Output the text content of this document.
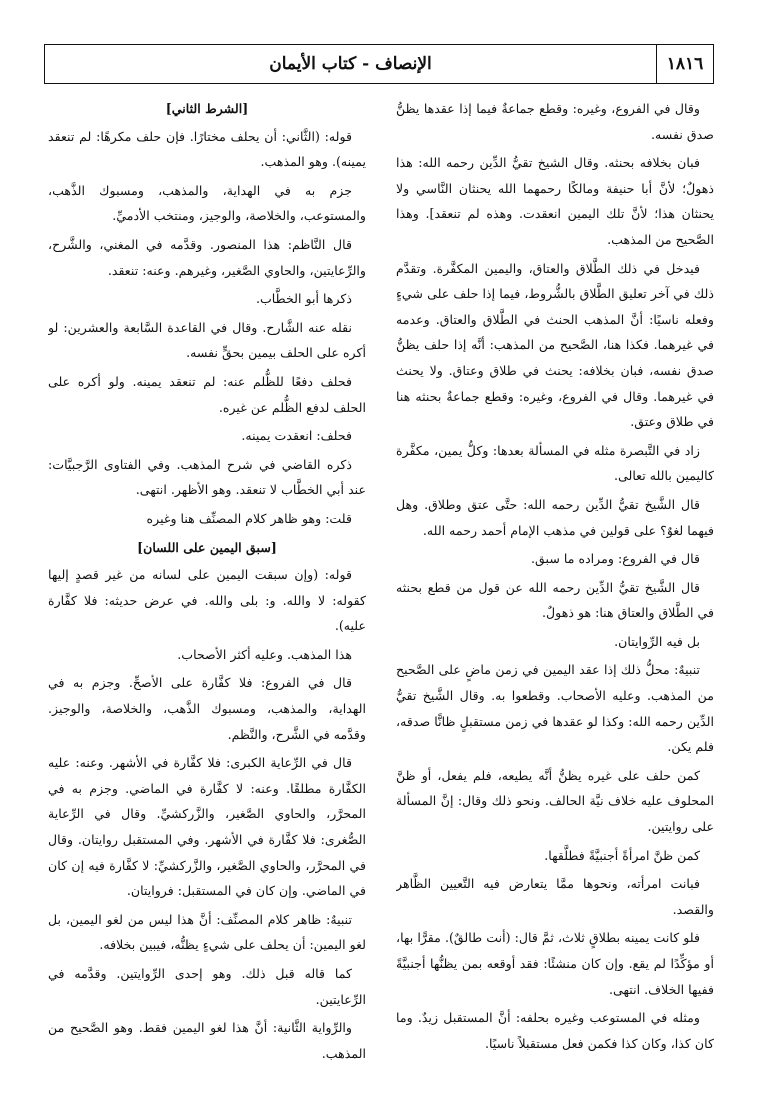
١٨١٦
الإنصاف - كتاب الأيمان

وقال في الفروع، وغيره: وقطع جماعةٌ فيما إذا عقدها يظنُّ صدق نفسه.

فبان بخلافه بحنثه. وقال الشيخ تقيُّ الدِّين رحمه الله: هذا ذهولٌ؛ لأنَّ أبا حنيفة ومالكًا رحمهما الله يحنثان النَّاسي ولا يحنثان هذا؛ لأنَّ تلك اليمين انعقدت. وهذه لم تنعقد]. وهذا الصَّحيح من المذهب.

فيدخل في ذلك الطَّلاق والعتاق، واليمين المكفَّرة. وتقدَّم ذلك في آخر تعليق الطَّلاق بالشُّروط، فيما إذا حلف على شيءٍ وفعله ناسيًا: أنَّ المذهب الحنث في الطَّلاق والعتاق. وعدمه في غيرهما. فكذا هنا، الصَّحيح من المذهب: أنَّه إذا حلف يظنُّ صدق نفسه، فبان بخلافه: يحنث في طلاق وعتاق. ولا يحنث في غيرهما. وقال في الفروع، وغيره: وقطع جماعةٌ بحنثه هنا في طلاق وعتق.

زاد في التَّبصرة مثله في المسألة بعدها: وكلُّ يمين، مكفَّرة كاليمين بالله تعالى.

قال الشَّيخ تقيُّ الدِّين رحمه الله: حتَّى عتق وطلاق. وهل فيهما لغوٌ؟ على قولين في مذهب الإمام أحمد رحمه الله.

قال في الفروع: ومراده ما سبق.

قال الشَّيخ تقيُّ الدِّين رحمه الله عن قول من قطع بحنثه في الطَّلاق والعتاق هنا: هو ذهولٌ.

بل فيه الرِّوايتان.

تنبيهٌ: محلُّ ذلك إذا عقد اليمين في زمن ماضٍ على الصَّحيح من المذهب. وعليه الأصحاب. وقطعوا به. وقال الشَّيخ تقيُّ الدِّين رحمه الله: وكذا لو عقدها في زمن مستقبلٍ ظانًّا صدقه، فلم يكن.

كمن حلف على غيره يظنُّ أنَّه يطيعه، فلم يفعل، أو ظنَّ المحلوف عليه خلاف نيَّة الحالف. ونحو ذلك وقال: إنَّ المسألة على روايتين.

كمن ظنَّ امرأةً أجنبيَّةً فطلَّقها.

فبانت امرأته، ونحوها ممَّا يتعارض فيه التَّعيين الظَّاهر والقصد.

فلو كانت يمينه بطلاقٍ ثلاث، ثمَّ قال: (أنت طالقٌ). مقرًّا بها، أو مؤكِّدًا لم يقع. وإن كان منشئًا: فقد أوقعه بمن يظنُّها أجنبيَّةً ففيها الخلاف. انتهى.

ومثله في المستوعب وغيره بحلفه: أنَّ المستقبل زيدٌ. وما كان كذا، وكان كذا فكمن فعل مستقبلاً ناسيًا.

[الشرط الثاني]

قوله: (الثَّاني: أن يحلف مختارًا. فإن حلف مكرهًا: لم تنعقد يمينه). وهو المذهب.

جزم به في الهداية، والمذهب، ومسبوك الذَّهب، والمستوعب، والخلاصة، والوجيز، ومنتخب الأدميِّ.

قال النَّاظم: هذا المنصور. وقدَّمه في المغني، والشَّرح، والرِّعايتين، والحاوي الصَّغير، وغيرهم. وعنه: تنعقد.

ذكرها أبو الخطَّاب.

نقله عنه الشَّارح. وقال في القاعدة السَّابعة والعشرين: لو أكره على الحلف بيمين بحقٍّ نفسه.

فحلف دفعًا للظُّلم عنه: لم تنعقد يمينه. ولو أكره على الحلف لدفع الظُّلم عن غيره.

فحلف: انعقدت يمينه.

ذكره القاضي في شرح المذهب. وفي الفتاوى الرَّجبيَّات: عند أبي الخطَّاب لا تنعقد. وهو الأظهر. انتهى.

قلت: وهو ظاهر كلام المصنِّف هنا وغيره

[سبق اليمين على اللسان]

قوله: (وإن سبقت اليمين على لسانه من غير قصدٍ إليها كقوله: لا والله. و: بلى والله. في عرض حديثه: فلا كفَّارة عليه).

هذا المذهب. وعليه أكثر الأصحاب.

قال في الفروع: فلا كفَّارة على الأصحِّ. وجزم به في الهداية، والمذهب، ومسبوك الذَّهب، والخلاصة، والوجيز. وقدَّمه في الشَّرح، والنَّظم.

قال في الرِّعاية الكبرى: فلا كفَّارة في الأشهر. وعنه: عليه الكفَّارة مطلقًا. وعنه: لا كفَّارة في الماضي. وجزم به في المحرَّر، والحاوي الصَّغير، والزَّركشيِّ. وقال في الرِّعاية الصُّغرى: فلا كفَّارة في الأشهر. وفي المستقبل روايتان. وقال في المحرَّر، والحاوي الصَّغير، والزَّركشيِّ: لا كفَّارة فيه إن كان في الماضي. وإن كان في المستقبل: فروايتان.

تنبيهٌ: ظاهر كلام المصنِّف: أنَّ هذا ليس من لغو اليمين، بل لغو اليمين: أن يحلف على شيءٍ يظنُّه، فيبين بخلافه.

كما قاله قبل ذلك. وهو إحدى الرِّوايتين. وقدَّمه في الرِّعايتين.

والرِّواية الثَّانية: أنَّ هذا لغو اليمين فقط. وهو الصَّحيح من المذهب.
